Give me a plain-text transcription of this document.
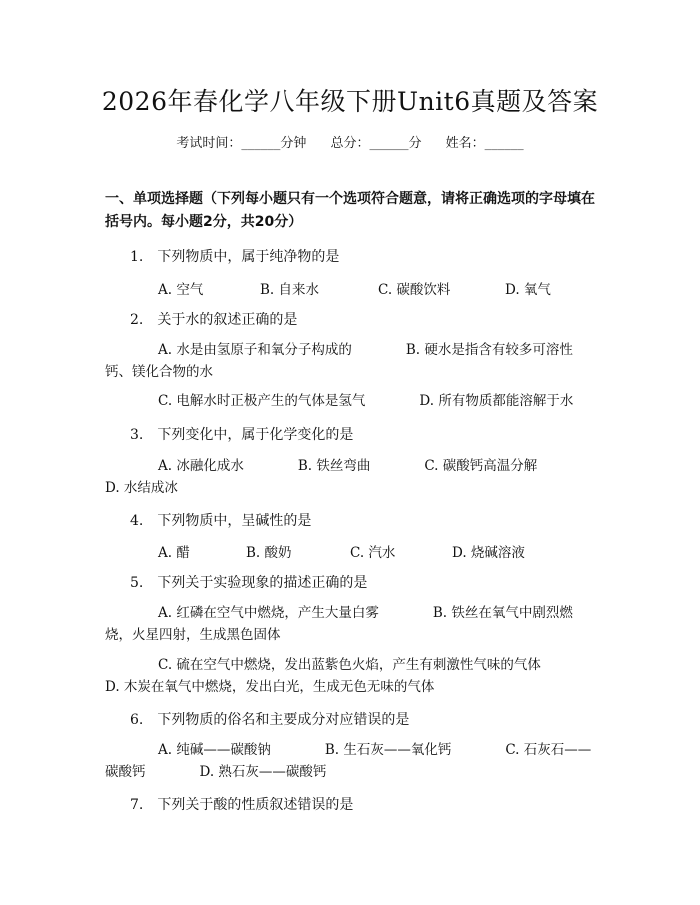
2026年春化学八年级下册Unit6真题及答案
考试时间：______分钟 总分：______分 姓名：______
一、单项选择题（下列每小题只有一个选项符合题意，请将正确选项的字母填在括号内。每小题2分，共20分）
1.　下列物质中，属于纯净物的是
A. 空气	B. 自来水	C. 碳酸饮料	D. 氧气
2.　关于水的叙述正确的是
A. 水是由氢原子和氧分子构成的　　　　B. 硬水是指含有较多可溶性钙、镁化合物的水
C. 电解水时正极产生的气体是氢气　　　　D. 所有物质都能溶解于水
3.　下列变化中，属于化学变化的是
A. 冰融化成水　　　　B. 铁丝弯曲　　　　C. 碳酸钙高温分解　　　　D. 水结成冰
4.　下列物质中，呈碱性的是
A. 醋	B. 酸奶	C. 汽水	D. 烧碱溶液
5.　下列关于实验现象的描述正确的是
A. 红磷在空气中燃烧，产生大量白雾　　　　B. 铁丝在氧气中剧烈燃烧，火星四射，生成黑色固体
C. 硫在空气中燃烧，发出蓝紫色火焰，产生有刺激性气味的气体　　　　D. 木炭在氧气中燃烧，发出白光，生成无色无味的气体
6.　下列物质的俗名和主要成分对应错误的是
A. 纯碱——碳酸钠　　　　B. 生石灰——氧化钙　　　　C. 石灰石——碳酸钙　　　　D. 熟石灰——碳酸钙
7.　下列关于酸的性质叙述错误的是
